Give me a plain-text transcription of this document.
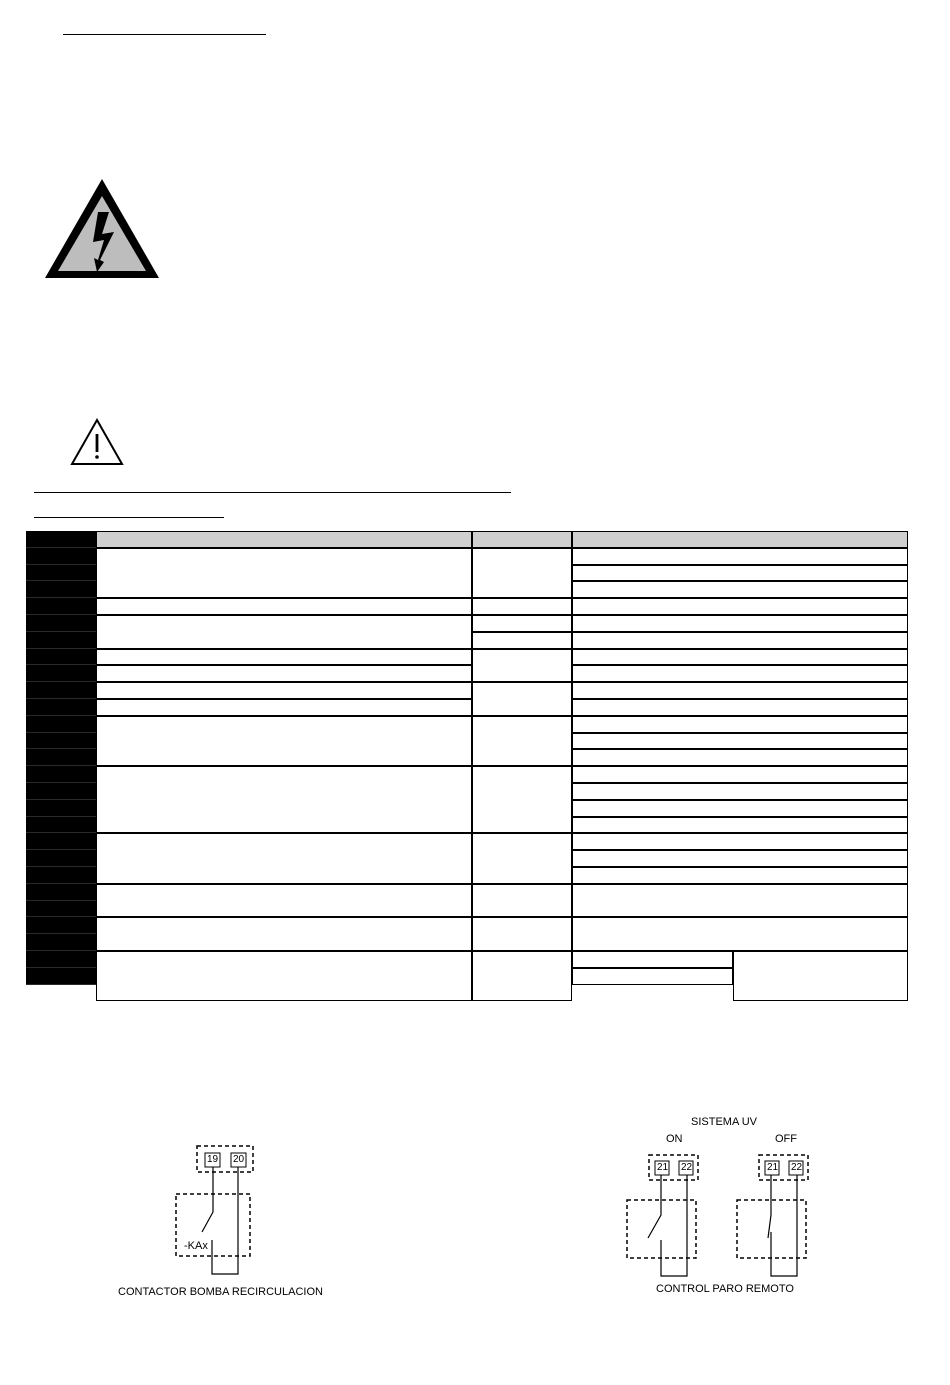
19 20
-KAx
CONTACTOR BOMBA RECIRCULACION
SISTEMA UV
ON	OFF
21 22	21 22
CONTROL PARO REMOTO
